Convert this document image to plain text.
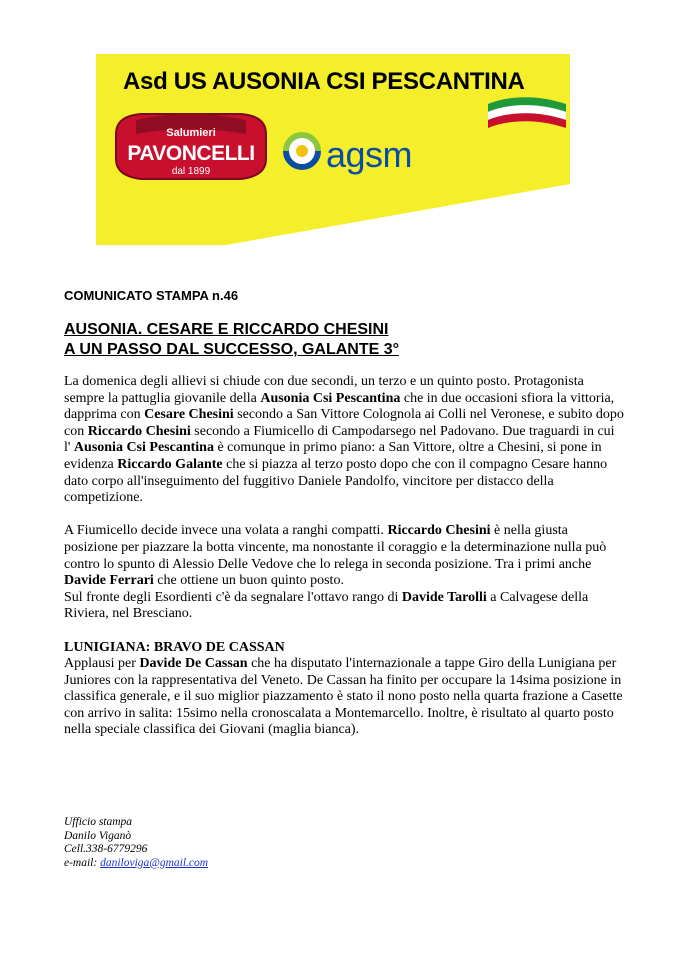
Asd US AUSONIA CSI PESCANTINA
Salumieri
PAVONCELLI
dal 1899	agsm
COMUNICATO STAMPA n.46
AUSONIA. CESARE E RICCARDO CHESINI
A UN PASSO DAL SUCCESSO, GALANTE 3°

La domenica degli allievi si chiude con due secondi, un terzo e un quinto posto. Protagonista sempre la pattuglia giovanile della Ausonia Csi Pescantina che in due occasioni sfiora la vittoria, dapprima con Cesare Chesini secondo a San Vittore Colognola ai Colli nel Veronese, e subito dopo con Riccardo Chesini secondo a Fiumicello di Campodarsego nel Padovano. Due traguardi in cui l' Ausonia Csi Pescantina è comunque in primo piano: a San Vittore, oltre a Chesini, si pone in evidenza Riccardo Galante che si piazza al terzo posto dopo che con il compagno Cesare hanno dato corpo all'inseguimento del fuggitivo Daniele Pandolfo, vincitore per distacco della competizione.

A Fiumicello decide invece una volata a ranghi compatti. Riccardo Chesini è nella giusta posizione per piazzare la botta vincente, ma nonostante il coraggio e la determinazione nulla può contro lo spunto di Alessio Delle Vedove che lo relega in seconda posizione. Tra i primi anche Davide Ferrari che ottiene un buon quinto posto.

Sul fronte degli Esordienti c'è da segnalare l'ottavo rango di Davide Tarolli a Calvagese della Riviera, nel Bresciano.

LUNIGIANA: BRAVO DE CASSAN

Applausi per Davide De Cassan che ha disputato l'internazionale a tappe Giro della Lunigiana per Juniores con la rappresentativa del Veneto. De Cassan ha finito per occupare la 14sima posizione in classifica generale, e il suo miglior piazzamento è stato il nono posto nella quarta frazione a Casette con arrivo in salita: 15simo nella cronoscalata a Montemarcello. Inoltre, è risultato al quarto posto nella speciale classifica dei Giovani (maglia bianca).

Ufficio stampa
Danilo Viganò
Cell.338-6779296
e-mail: daniloviga@gmail.com
